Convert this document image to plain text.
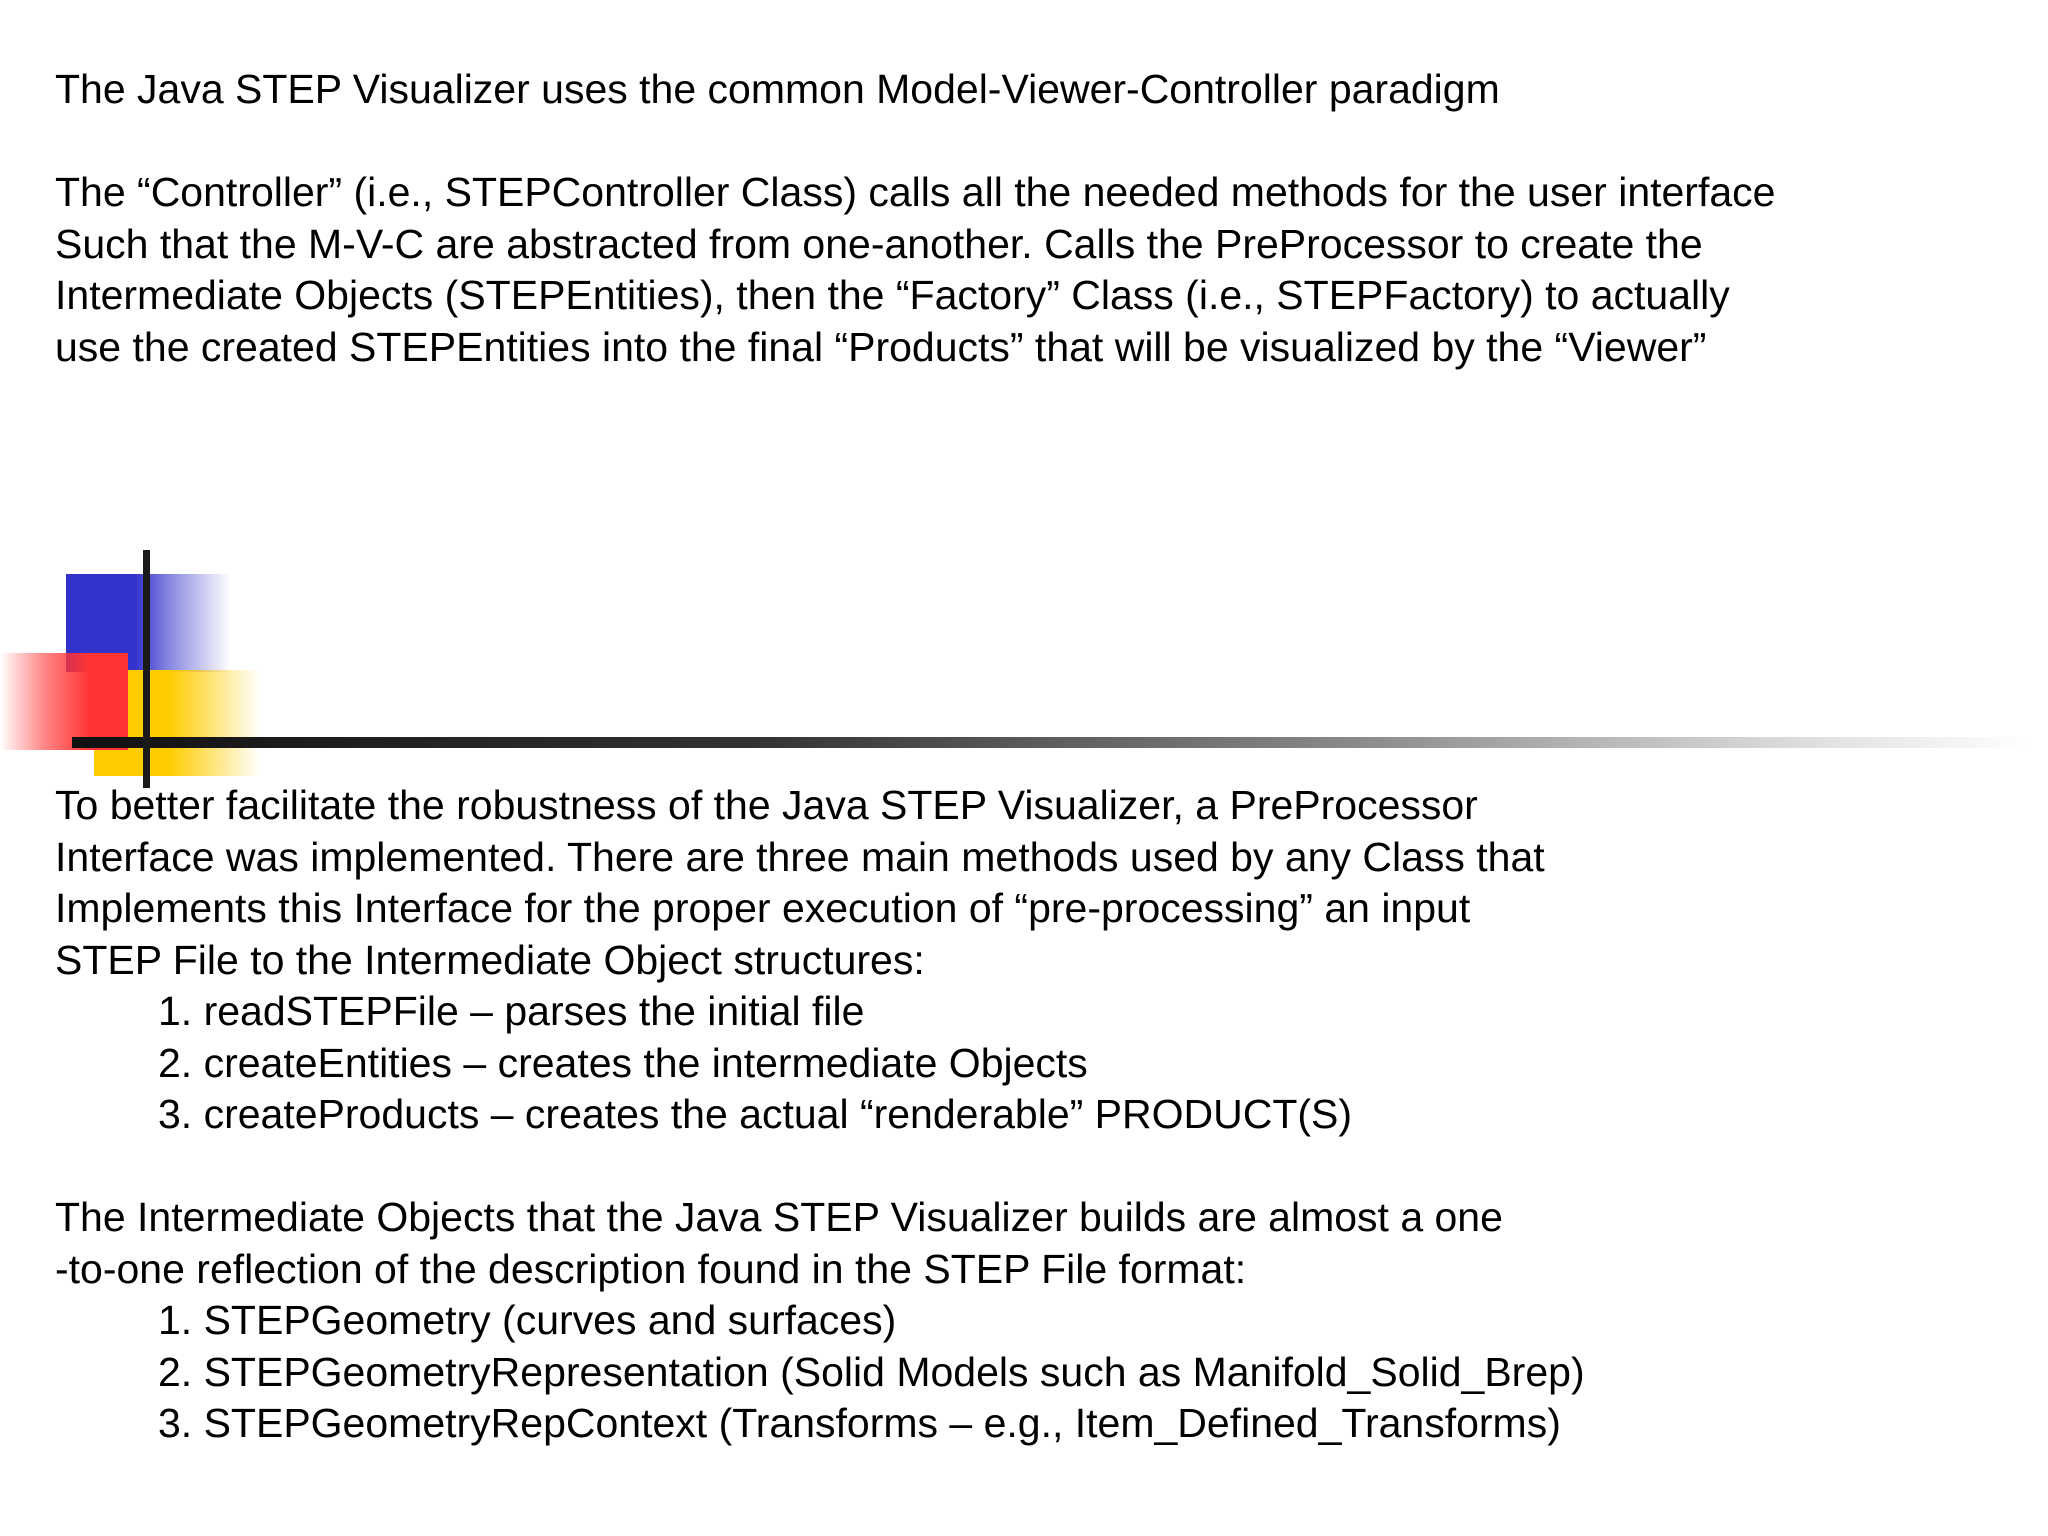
The Java STEP Visualizer uses the common Model-Viewer-Controller paradigm
The “Controller” (i.e., STEPController Class) calls all the needed methods for the user interface
Such that the M-V-C are abstracted from one-another. Calls the PreProcessor to create the
Intermediate Objects (STEPEntities), then the “Factory” Class (i.e., STEPFactory) to actually
use the created STEPEntities into the final “Products” that will be visualized by the “Viewer”
To better facilitate the robustness of the Java STEP Visualizer, a PreProcessor
Interface was implemented. There are three main methods used by any Class that
Implements this Interface for the proper execution of “pre-processing” an input
STEP File to the Intermediate Object structures:
1. readSTEPFile – parses the initial file
2. createEntities – creates the intermediate Objects
3. createProducts – creates the actual “renderable” PRODUCT(S)
The Intermediate Objects that the Java STEP Visualizer builds are almost a one
-to-one reflection of the description found in the STEP File format:
1. STEPGeometry (curves and surfaces)
2. STEPGeometryRepresentation (Solid Models such as Manifold_Solid_Brep)
3. STEPGeometryRepContext (Transforms – e.g., Item_Defined_Transforms)
